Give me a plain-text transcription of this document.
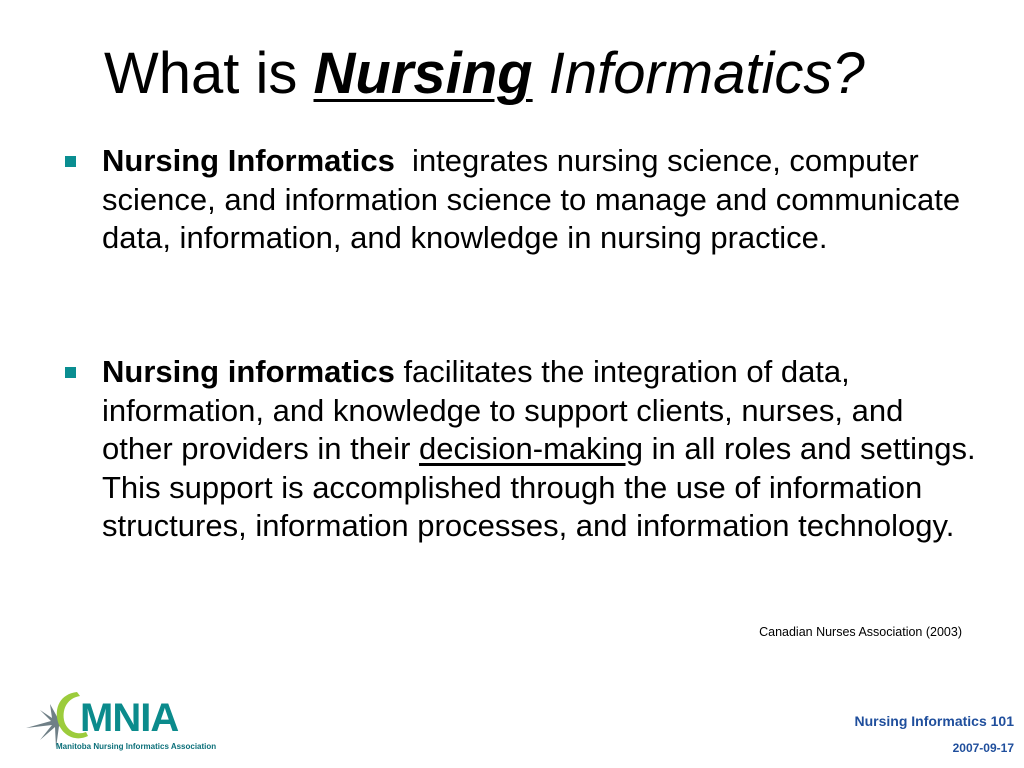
What is Nursing Informatics?
Nursing Informatics  integrates nursing science, computer science, and information science to manage and communicate data, information, and knowledge in nursing practice.
Nursing informatics facilitates the integration of data, information, and knowledge to support clients, nurses, and other providers in their decision-making in all roles and settings. This support is accomplished through the use of information structures, information processes, and information technology.
Canadian Nurses Association (2003)
MNIA
Manitoba Nursing Informatics Association
Nursing Informatics 101
2007-09-17
